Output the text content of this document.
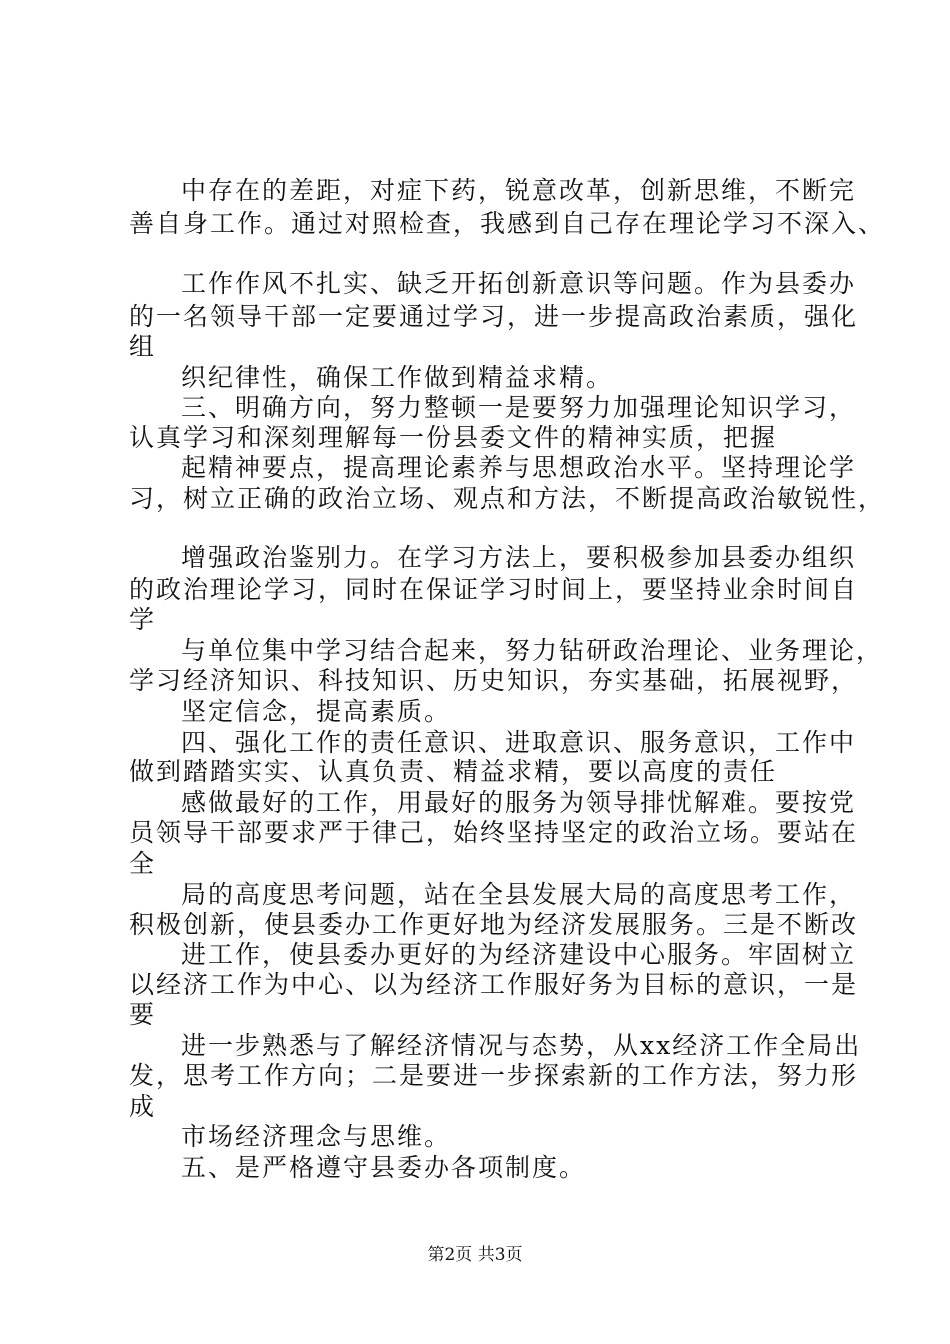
中存在的差距，对症下药，锐意改革，创新思维，不断完

善自身工作。通过对照检查，我感到自己存在理论学习不深入、

工作作风不扎实、缺乏开拓创新意识等问题。作为县委办

的一名领导干部一定要通过学习，进一步提高政治素质，强化

组

织纪律性，确保工作做到精益求精。

三、明确方向，努力整顿一是要努力加强理论知识学习，

认真学习和深刻理解每一份县委文件的精神实质，把握

起精神要点，提高理论素养与思想政治水平。坚持理论学

习，树立正确的政治立场、观点和方法，不断提高政治敏锐性，

增强政治鉴别力。在学习方法上，要积极参加县委办组织

的政治理论学习，同时在保证学习时间上，要坚持业余时间自

学

与单位集中学习结合起来，努力钻研政治理论、业务理论，

学习经济知识、科技知识、历史知识，夯实基础，拓展视野，

坚定信念，提高素质。

四、强化工作的责任意识、进取意识、服务意识，工作中

做到踏踏实实、认真负责、精益求精，要以高度的责任

感做最好的工作，用最好的服务为领导排忧解难。要按党

员领导干部要求严于律己，始终坚持坚定的政治立场。要站在

全

局的高度思考问题，站在全县发展大局的高度思考工作，

积极创新，使县委办工作更好地为经济发展服务。三是不断改

进工作，使县委办更好的为经济建设中心服务。牢固树立

以经济工作为中心、以为经济工作服好务为目标的意识，一是

要

进一步熟悉与了解经济情况与态势，从xx经济工作全局出

发，思考工作方向；二是要进一步探索新的工作方法，努力形

成

市场经济理念与思维。

五、是严格遵守县委办各项制度。

第2页 共3页
